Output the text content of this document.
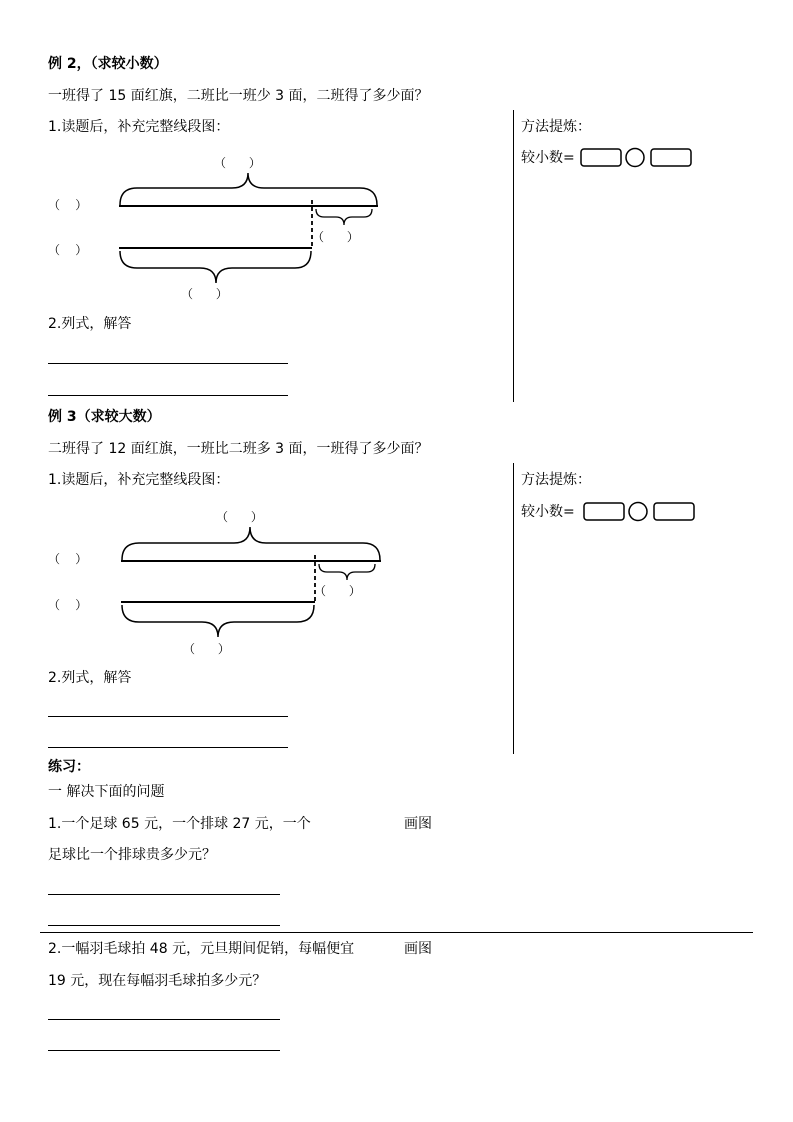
例 2，（求较小数）
一班得了 15 面红旗，二班比一班少 3 面，二班得了多少面？
1.读题后，补充完整线段图：	方法提炼：
较小数=
（      ）
（    ）
（    ）
（      ）
（      ）
2.列式，解答
例 3（求较大数）
二班得了 12 面红旗，一班比二班多 3 面，一班得了多少面？
1.读题后，补充完整线段图：	方法提炼：
较小数=
（      ）
（    ）
（    ）
（      ）
（      ）
2.列式，解答
练习：
一 解决下面的问题
1.一个足球 65 元，一个排球 27 元，一个	画图
足球比一个排球贵多少元？
2.一幅羽毛球拍 48 元，元旦期间促销，每幅便宜	画图
19 元，现在每幅羽毛球拍多少元？
